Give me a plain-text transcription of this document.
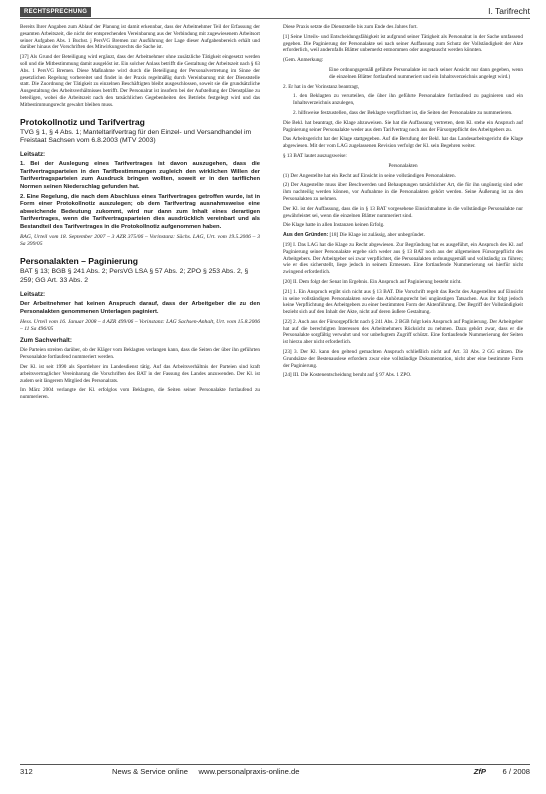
RECHTSPRECHUNG	I. Tarifrecht

Bereits Ihrer Angaben zum Ablauf der Planung ist damit erkennbar, dass der Arbeitnehmer Teil der Erfassung der gesamten Arbeitszeit, die nicht der entsprechenden Vereinbarung aus der Verbindung mit zugewiesenem Arbeitsort seiner Aufgaben Abs. 1 Buchst. j PersVG Bremen zur Ausführung der Lage dieser Aufgabenbereich erhält und darüber hinaus der Vorschriften des Mitwirkungsrechts die Sache ist.

[37] Als Grund der Beteiligung wird ergänzt, dass der Arbeitnehmer ohne zusätzliche Tätigkeit eingesetzt werden soll und die Mitbestimmung damit ausgelöst ist. Ein solcher Anlass betrifft die Gestaltung der Arbeitszeit nach § 63 Abs. 1 PersVG Bremen. Diese Maßnahme wird durch die Beteiligung der Personalvertretung im Sinne der gesetzlichen Regelung vorbereitet und findet in der Praxis regelmäßig durch Vereinbarung mit der Dienststelle statt. Die Zuordnung der Tätigkeit zu einzelnen Beschäftigten bleibt ausgeschlossen, soweit sie die grundsätzliche Ausgestaltung des Arbeitsverhältnisses betrifft. Der Personalrat ist insofern bei der Aufstellung der Dienstpläne zu beteiligen, wobei die Arbeitszeit nach den tatsächlichen Gegebenheiten des Betriebs festgelegt wird und das Mitbestimmungsrecht gewahrt bleiben muss.

Protokollnotiz und Tarifvertrag
TVG § 1, § 4 Abs. 1; Manteltarifvertrag für den Einzel- und Versandhandel im Freistaat Sachsen vom 6.8.2003 (MTV 2003)
Leitsatz:

1. Bei der Auslegung eines Tarifvertrages ist davon auszugehen, dass die Tarifvertragsparteien in den Tarifbestimmungen zugleich den wirklichen Willen der Tarifvertragsparteien zum Ausdruck bringen wollten, soweit er in den tariflichen Normen seinen Niederschlag gefunden hat.

2. Eine Regelung, die nach dem Abschluss eines Tarifvertrages getroffen wurde, ist in Form einer Protokollnotiz auszulegen; ob dem Tarifvertrag ausnahmsweise eine abweichende Bedeutung zukommt, wird nur dann zum Inhalt eines derartigen Tarifvertrages, wenn die Tarifvertragsparteien dies ausdrücklich vereinbart und als Bestandteil des Tarifvertrages in die Protokollnotiz aufgenommen haben.

BAG, Urteil vom 18. September 2007 – 3 AZR 375/06 – Vorinstanz: Sächs. LAG, Urt. vom 19.5.2006 – 3 Sa 399/05

Personalakten – Paginierung
BAT § 13; BGB § 241 Abs. 2; PersVG LSA § 57 Abs. 2; ZPO § 253 Abs. 2, § 259; GG Art. 33 Abs. 2
Leitsatz:

Der Arbeitnehmer hat keinen Anspruch darauf, dass der Arbeitgeber die zu den Personalakten genommenen Unterlagen paginiert.

Hess. Urteil vom 16. Januar 2008 – 4 AZR 499/06 – Vorinstanz: LAG Sachsen-Anhalt, Urt. vom 15.8.2006 – 11 Sa 496/05

Zum Sachverhalt:

Die Parteien streiten darüber, ob der Kläger vom Beklagten verlangen kann, dass die Seiten der über ihn geführten Personalakte fortlaufend nummeriert werden.

Der Kl. ist seit 1990 als Sportlehrer im Landesdienst tätig. Auf das Arbeitsverhältnis der Parteien sind kraft arbeitsvertraglicher Vereinbarung die Vorschriften des BAT in der Fassung des Landes anzuwenden. Der Kl. ist zudem seit längerem Mitglied des Personalrats.

Im März 2004 verlangte der Kl. erfolglos vom Beklagten, die Seiten seiner Personalakte fortlaufend zu nummerieren.

Diese Praxis setzte die Dienststelle bis zum Ende des Jahres fort.

[1] Seine Urteils- und Entscheidungsfähigkeit ist aufgrund seiner Tätigkeit als Personalrat in der Sache umfassend gegeben. Die Paginierung der Personalakte sei nach seiner Auffassung zum Schutz der Vollständigkeit der Akte erforderlich, weil andernfalls Blätter unbemerkt entnommen oder ausgetauscht werden könnten.

(Gem. Anmerkung:

Eine ordnungsgemäß geführte Personalakte ist nach seiner Ansicht nur dann gegeben, wenn die einzelnen Blätter fortlaufend nummeriert und ein Inhaltsverzeichnis angelegt wird.)

2. Er hat in der Vorinstanz beantragt,

1. den Beklagten zu verurteilen, die über ihn geführte Personalakte fortlaufend zu paginieren und ein Inhaltsverzeichnis anzulegen,

2. hilfsweise festzustellen, dass der Beklagte verpflichtet ist, die Seiten der Personalakte zu nummerieren.

Die Bekl. hat beantragt, die Klage abzuweisen. Sie hat die Auffassung vertreten, dem Kl. stehe ein Anspruch auf Paginierung seiner Personalakte weder aus dem Tarifvertrag noch aus der Fürsorgepflicht des Arbeitgebers zu.

Das Arbeitsgericht hat der Klage stattgegeben. Auf die Berufung der Bekl. hat das Landesarbeitsgericht die Klage abgewiesen. Mit der vom LAG zugelassenen Revision verfolgt der Kl. sein Begehren weiter.

§ 13 BAT lautet auszugsweise:

Personalakten

(1) Der Angestellte hat ein Recht auf Einsicht in seine vollständigen Personalakten.

(2) Der Angestellte muss über Beschwerden und Behauptungen tatsächlicher Art, die für ihn ungünstig sind oder ihm nachteilig werden können, vor Aufnahme in die Personalakten gehört werden. Seine Äußerung ist zu den Personalakten zu nehmen.

Der Kl. ist der Auffassung, dass die in § 13 BAT vorgesehene Einsichtnahme in die vollständige Personalakte nur gewährleistet sei, wenn die einzelnen Blätter nummeriert sind.

Die Klage hatte in allen Instanzen keinen Erfolg.

Aus den Gründen: [18] Die Klage ist zulässig, aber unbegründet.

[19] I. Das LAG hat die Klage zu Recht abgewiesen. Zur Begründung hat es ausgeführt, ein Anspruch des Kl. auf Paginierung seiner Personalakte ergebe sich weder aus § 13 BAT noch aus der allgemeinen Fürsorgepflicht des Arbeitgebers. Der Arbeitgeber sei zwar verpflichtet, die Personalakten ordnungsgemäß und vollständig zu führen; wie er dies sicherstellt, liege jedoch in seinem Ermessen. Eine fortlaufende Nummerierung sei hierfür nicht zwingend erforderlich.

[20] II. Dem folgt der Senat im Ergebnis. Ein Anspruch auf Paginierung besteht nicht.

[21] 1. Ein Anspruch ergibt sich nicht aus § 13 BAT. Die Vorschrift regelt das Recht des Angestellten auf Einsicht in seine vollständigen Personalakten sowie das Anhörungsrecht bei ungünstigen Tatsachen. Aus ihr folgt jedoch keine Verpflichtung des Arbeitgebers zu einer bestimmten Form der Aktenführung. Der Begriff der Vollständigkeit bezieht sich auf den Inhalt der Akte, nicht auf deren äußere Gestaltung.

[22] 2. Auch aus der Fürsorgepflicht nach § 241 Abs. 2 BGB folgt kein Anspruch auf Paginierung. Der Arbeitgeber hat auf die berechtigten Interessen des Arbeitnehmers Rücksicht zu nehmen. Dazu gehört zwar, dass er die Personalakte sorgfältig verwahrt und vor unbefugtem Zugriff schützt. Eine fortlaufende Nummerierung der Seiten ist hierzu aber nicht erforderlich.

[23] 3. Der Kl. kann den geltend gemachten Anspruch schließlich nicht auf Art. 33 Abs. 2 GG stützen. Die Grundsätze der Bestenauslese erfordern zwar eine vollständige Dokumentation, nicht aber eine bestimmte Form der Paginierung.

[24] III. Die Kostenentscheidung beruht auf § 97 Abs. 1 ZPO.

312	News & Service online www.personalpraxis-online.de	ZfP 6 / 2008
